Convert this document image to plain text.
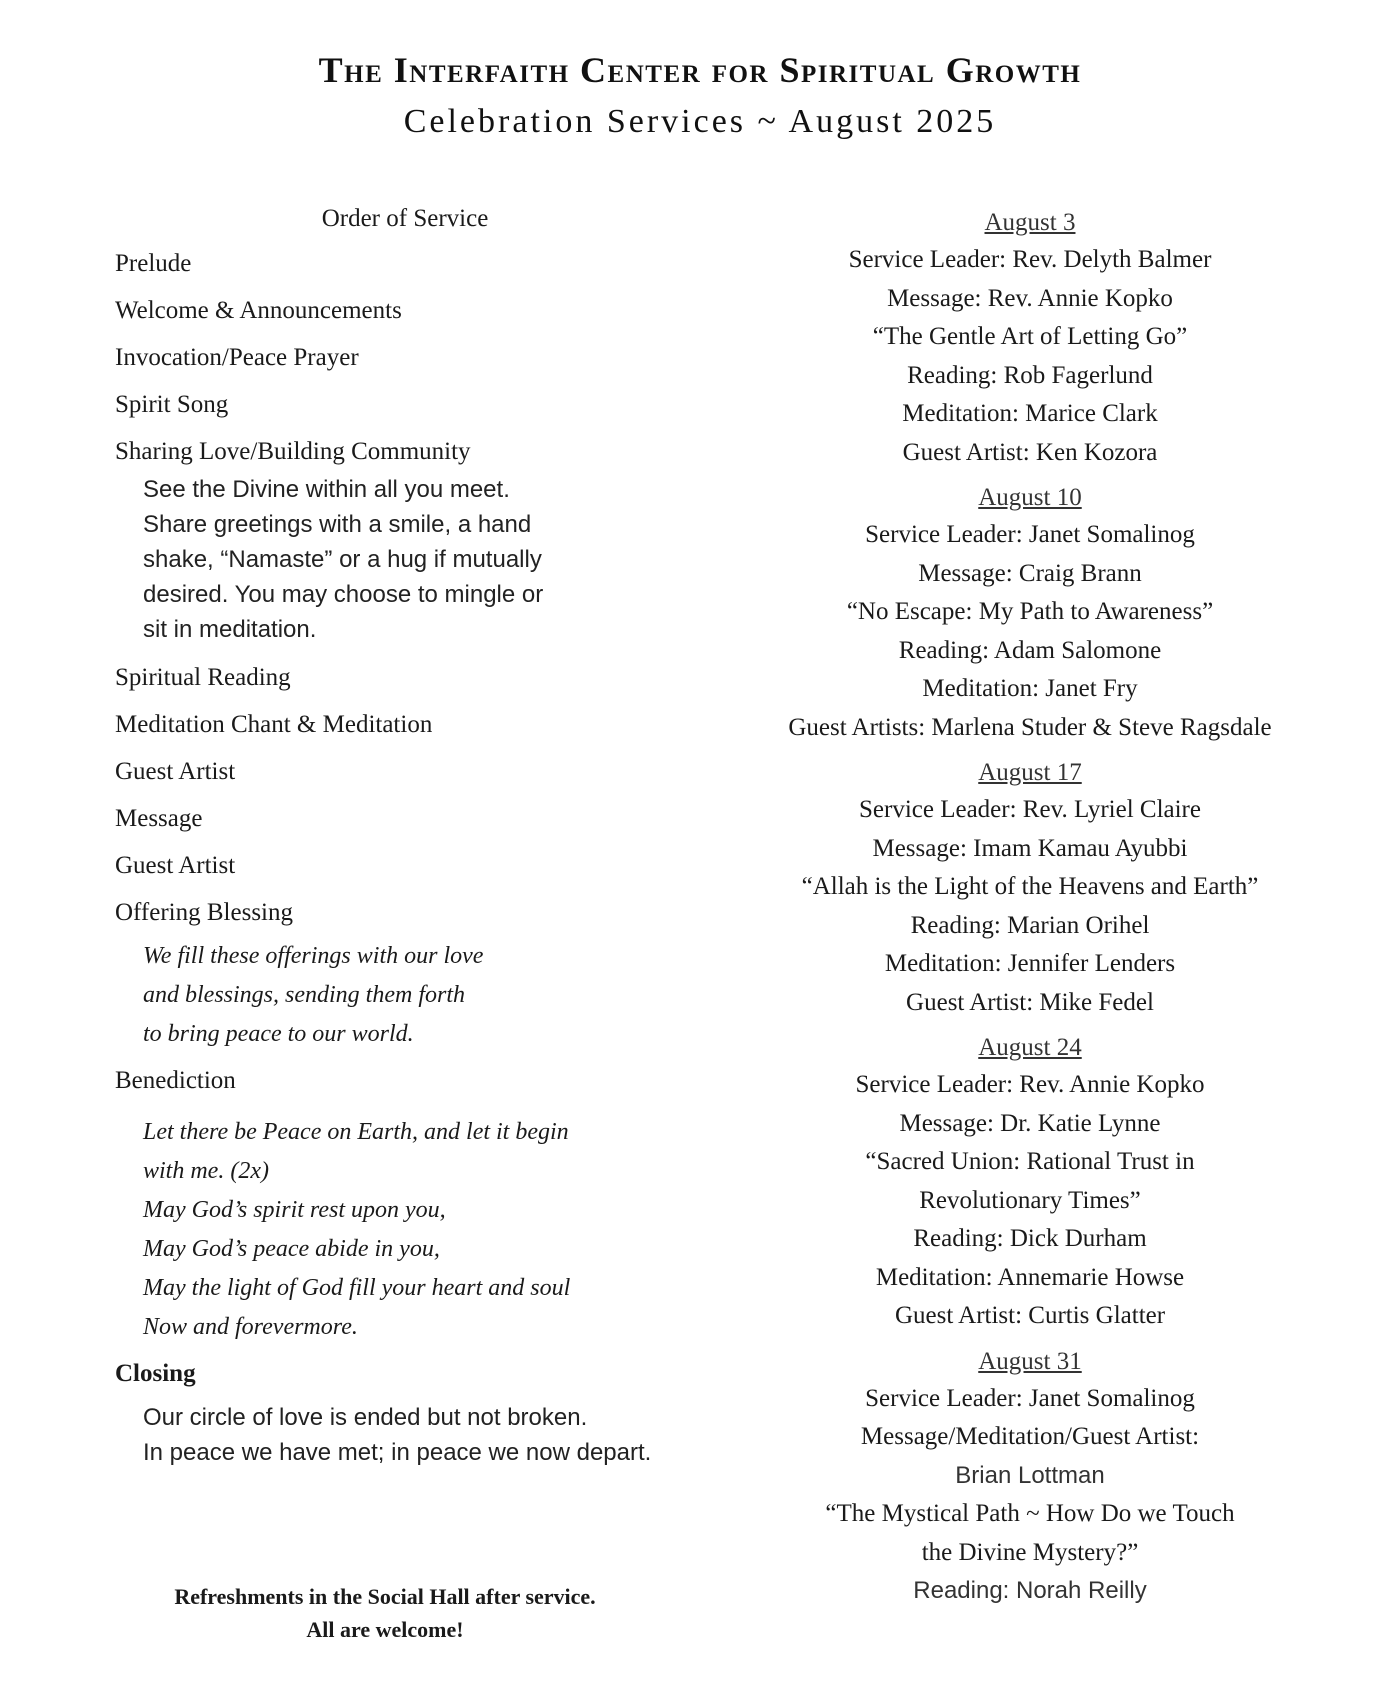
The Interfaith Center for Spiritual Growth
Celebration Services ~ August 2025
Order of Service
Prelude
Welcome & Announcements
Invocation/Peace Prayer
Spirit Song
Sharing Love/Building Community
See the Divine within all you meet.
Share greetings with a smile, a hand
shake, “Namaste” or a hug if mutually
desired. You may choose to mingle or
sit in meditation.
Spiritual Reading
Meditation Chant & Meditation
Guest Artist
Message
Guest Artist
Offering Blessing
We fill these offerings with our love
and blessings, sending them forth
to bring peace to our world.
Benediction
Let there be Peace on Earth, and let it begin
with me. (2x)
May God’s spirit rest upon you,
May God’s peace abide in you,
May the light of God fill your heart and soul
Now and forevermore.
Closing
Our circle of love is ended but not broken.
In peace we have met; in peace we now depart.
Refreshments in the Social Hall after service.
All are welcome!
August 3
Service Leader: Rev. Delyth Balmer
Message: Rev. Annie Kopko
“The Gentle Art of Letting Go”
Reading: Rob Fagerlund
Meditation: Marice Clark
Guest Artist: Ken Kozora
August 10
Service Leader: Janet Somalinog
Message: Craig Brann
“No Escape: My Path to Awareness”
Reading: Adam Salomone
Meditation: Janet Fry
Guest Artists: Marlena Studer & Steve Ragsdale
August 17
Service Leader: Rev. Lyriel Claire
Message: Imam Kamau Ayubbi
“Allah is the Light of the Heavens and Earth”
Reading: Marian Orihel
Meditation: Jennifer Lenders
Guest Artist: Mike Fedel
August 24
Service Leader: Rev. Annie Kopko
Message: Dr. Katie Lynne
“Sacred Union: Rational Trust in
Revolutionary Times”
Reading: Dick Durham
Meditation: Annemarie Howse
Guest Artist: Curtis Glatter
August 31
Service Leader: Janet Somalinog
Message/Meditation/Guest Artist:
Brian Lottman
“The Mystical Path ~ How Do we Touch
the Divine Mystery?”
Reading: Norah Reilly
